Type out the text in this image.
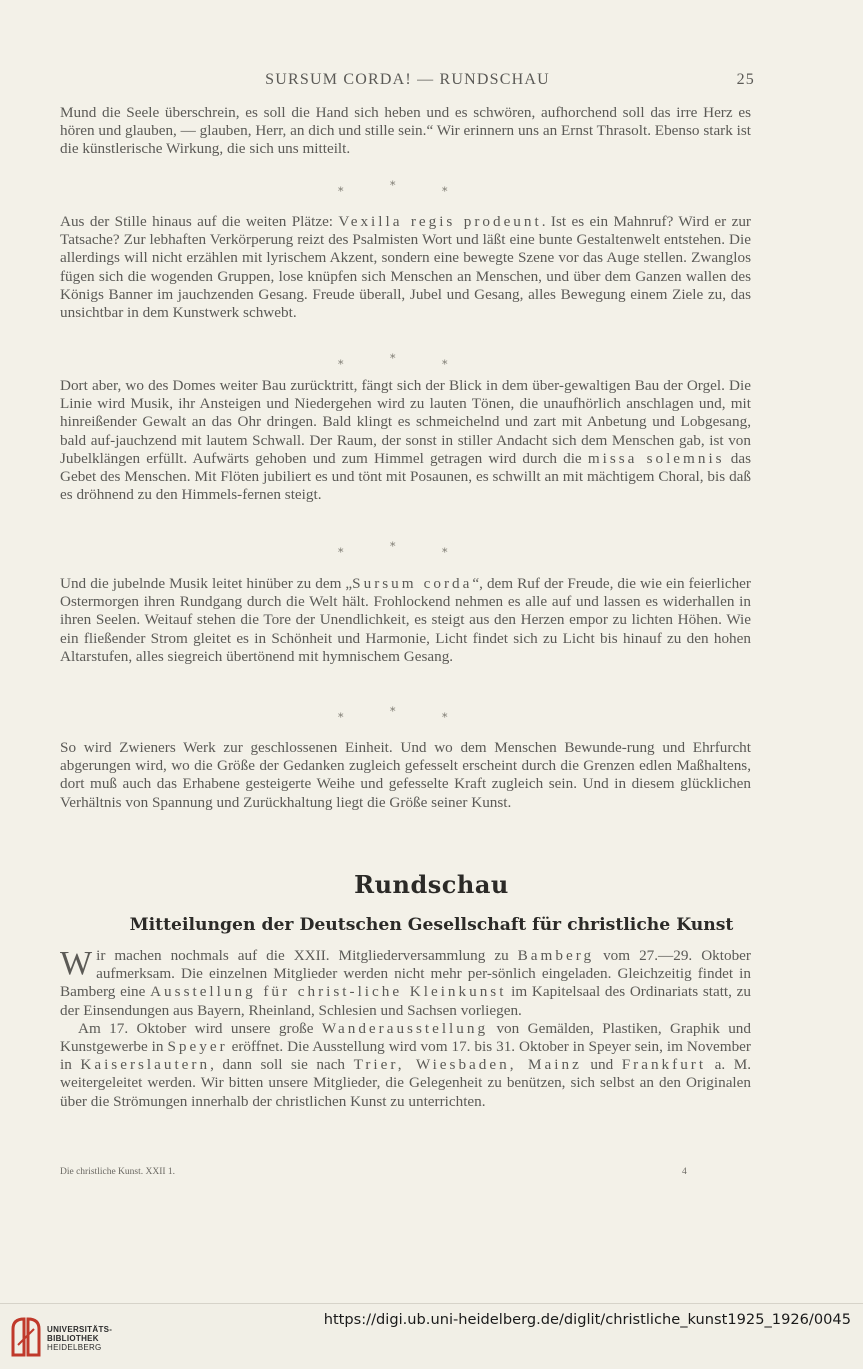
SURSUM CORDA! — RUNDSCHAU	25

Mund die Seele überschrein, es soll die Hand sich heben und es schwören, aufhorchend soll das irre Herz es hören und glauben, — glauben, Herr, an dich und stille sein.“ Wir erinnern uns an Ernst Thrasolt. Ebenso stark ist die künstlerische Wirkung, die sich uns mitteilt.

*	*	*

Aus der Stille hinaus auf die weiten Plätze: Vexilla regis prodeunt. Ist es ein Mahnruf? Wird er zur Tatsache? Zur lebhaften Verkörperung reizt des Psalmisten Wort und läßt eine bunte Gestaltenwelt entstehen. Die allerdings will nicht erzählen mit lyrischem Akzent, sondern eine bewegte Szene vor das Auge stellen. Zwanglos fügen sich die wogenden Gruppen, lose knüpfen sich Menschen an Menschen, und über dem Ganzen wallen des Königs Banner im jauchzenden Gesang. Freude überall, Jubel und Gesang, alles Bewegung einem Ziele zu, das unsichtbar in dem Kunstwerk schwebt.

*	*	*

Dort aber, wo des Domes weiter Bau zurücktritt, fängt sich der Blick in dem über-gewaltigen Bau der Orgel. Die Linie wird Musik, ihr Ansteigen und Niedergehen wird zu lauten Tönen, die unaufhörlich anschlagen und, mit hinreißender Gewalt an das Ohr dringen. Bald klingt es schmeichelnd und zart mit Anbetung und Lobgesang, bald auf-jauchzend mit lautem Schwall. Der Raum, der sonst in stiller Andacht sich dem Menschen gab, ist von Jubelklängen erfüllt. Aufwärts gehoben und zum Himmel getragen wird durch die missa solemnis das Gebet des Menschen. Mit Flöten jubiliert es und tönt mit Posaunen, es schwillt an mit mächtigem Choral, bis daß es dröhnend zu den Himmels-fernen steigt.

*	*	*

Und die jubelnde Musik leitet hinüber zu dem „Sursum corda“, dem Ruf der Freude, die wie ein feierlicher Ostermorgen ihren Rundgang durch die Welt hält. Frohlockend nehmen es alle auf und lassen es widerhallen in ihren Seelen. Weitauf stehen die Tore der Unendlichkeit, es steigt aus den Herzen empor zu lichten Höhen. Wie ein fließender Strom gleitet es in Schönheit und Harmonie, Licht findet sich zu Licht bis hinauf zu den hohen Altarstufen, alles siegreich übertönend mit hymnischem Gesang.

*	*	*

So wird Zwieners Werk zur geschlossenen Einheit. Und wo dem Menschen Bewunde-rung und Ehrfurcht abgerungen wird, wo die Größe der Gedanken zugleich gefesselt erscheint durch die Grenzen edlen Maßhaltens, dort muß auch das Erhabene gesteigerte Weihe und gefesselte Kraft zugleich sein. Und in diesem glücklichen Verhältnis von Spannung und Zurückhaltung liegt die Größe seiner Kunst.

Rundschau
Mitteilungen der Deutschen Gesellschaft für christliche Kunst

Wir machen nochmals auf die XXII. Mitgliederversammlung zu Bamberg vom 27.—29. Oktober aufmerksam. Die einzelnen Mitglieder werden nicht mehr per-sönlich eingeladen. Gleichzeitig findet in Bamberg eine Ausstellung für christ-liche Kleinkunst im Kapitelsaal des Ordinariats statt, zu der Einsendungen aus Bayern, Rheinland, Schlesien und Sachsen vorliegen.

Am 17. Oktober wird unsere große Wanderausstellung von Gemälden, Plastiken, Graphik und Kunstgewerbe in Speyer eröffnet. Die Ausstellung wird vom 17. bis 31. Oktober in Speyer sein, im November in Kaiserslautern, dann soll sie nach Trier, Wiesbaden, Mainz und Frankfurt a. M. weitergeleitet werden. Wir bitten unsere Mitglieder, die Gelegenheit zu benützen, sich selbst an den Originalen über die Strömungen innerhalb der christlichen Kunst zu unterrichten.

Die christliche Kunst. XXII 1.	4
UNIVERSITÄTS-
BIBLIOTHEK
HEIDELBERG
https://digi.ub.uni-heidelberg.de/diglit/christliche_kunst1925_1926/0045
